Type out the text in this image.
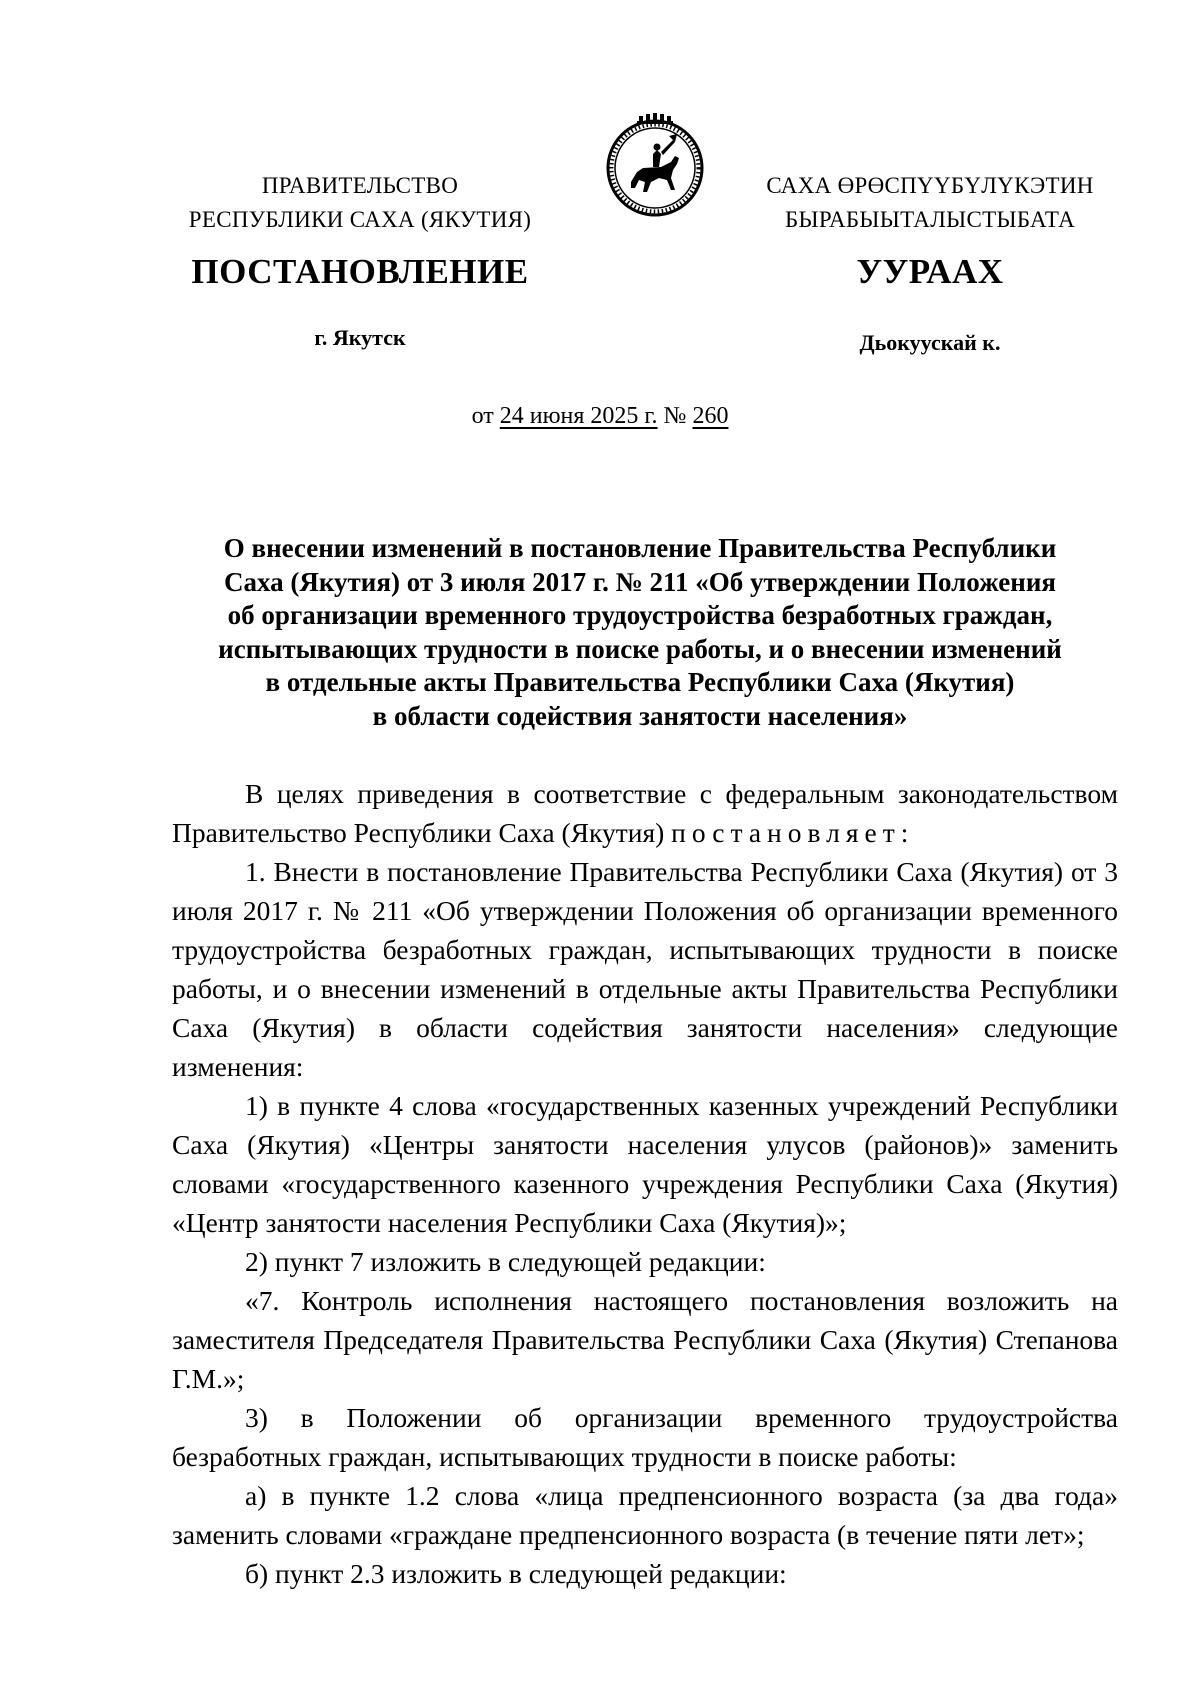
ПРАВИТЕЛЬСТВО
РЕСПУБЛИКИ САХА (ЯКУТИЯ)
САХА ӨРӨСПҮҮБҮЛҮКЭТИН
БЫРАБЫЫТАЛЫСТЫБАТА
ПОСТАНОВЛЕНИЕ	УУРААХ
г. Якутск	Дьокуускай к.
от 24 июня 2025 г. № 260
О внесении изменений в постановление Правительства Республики
Саха (Якутия) от 3 июля 2017 г. № 211 «Об утверждении Положения
об организации временного трудоустройства безработных граждан,
испытывающих трудности в поиске работы, и о внесении изменений
в отдельные акты Правительства Республики Саха (Якутия)
в области содействия занятости населения»

В целях приведения в соответствие с федеральным законодательством Правительство Республики Саха (Якутия) постановляет:

1. Внести в постановление Правительства Республики Саха (Якутия) от 3 июля 2017 г. № 211 «Об утверждении Положения об организации временного трудоустройства безработных граждан, испытывающих трудности в поиске работы, и о внесении изменений в отдельные акты Правительства Республики Саха (Якутия) в области содействия занятости населения» следующие изменения:

1) в пункте 4 слова «государственных казенных учреждений Республики Саха (Якутия) «Центры занятости населения улусов (районов)» заменить словами «государственного казенного учреждения Республики Саха (Якутия) «Центр занятости населения Республики Саха (Якутия)»;

2) пункт 7 изложить в следующей редакции:

«7. Контроль исполнения настоящего постановления возложить на заместителя Председателя Правительства Республики Саха (Якутия) Степанова Г.М.»;

3) в Положении об организации временного трудоустройства безработных граждан, испытывающих трудности в поиске работы:

а) в пункте 1.2 слова «лица предпенсионного возраста (за два года» заменить словами «граждане предпенсионного возраста (в течение пяти лет»;

б) пункт 2.3 изложить в следующей редакции:
